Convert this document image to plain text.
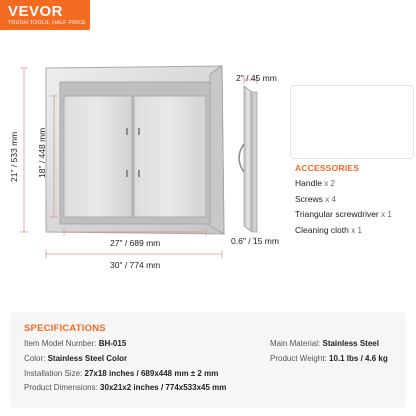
VEVOR
TOUGH TOOLS, HALF PRICE
2" / 45 mm
21" / 533 mm 18" / 448 mm
27" / 689 mm
30" / 774 mm
0.6" / 15 mm
ACCESSORIES
Handle x 2
Screws x 4
Triangular screwdriver x 1
Cleaning cloth x 1
SPECIFICATIONS
Item Model Number: BH-015
Color: Stainless Steel Color
Installation Size: 27x18 inches / 689x448 mm ± 2 mm
Product Dimensions: 30x21x2 inches / 774x533x45 mm
Main Material: Stainless Steel
Product Weight: 10.1 lbs / 4.6 kg
